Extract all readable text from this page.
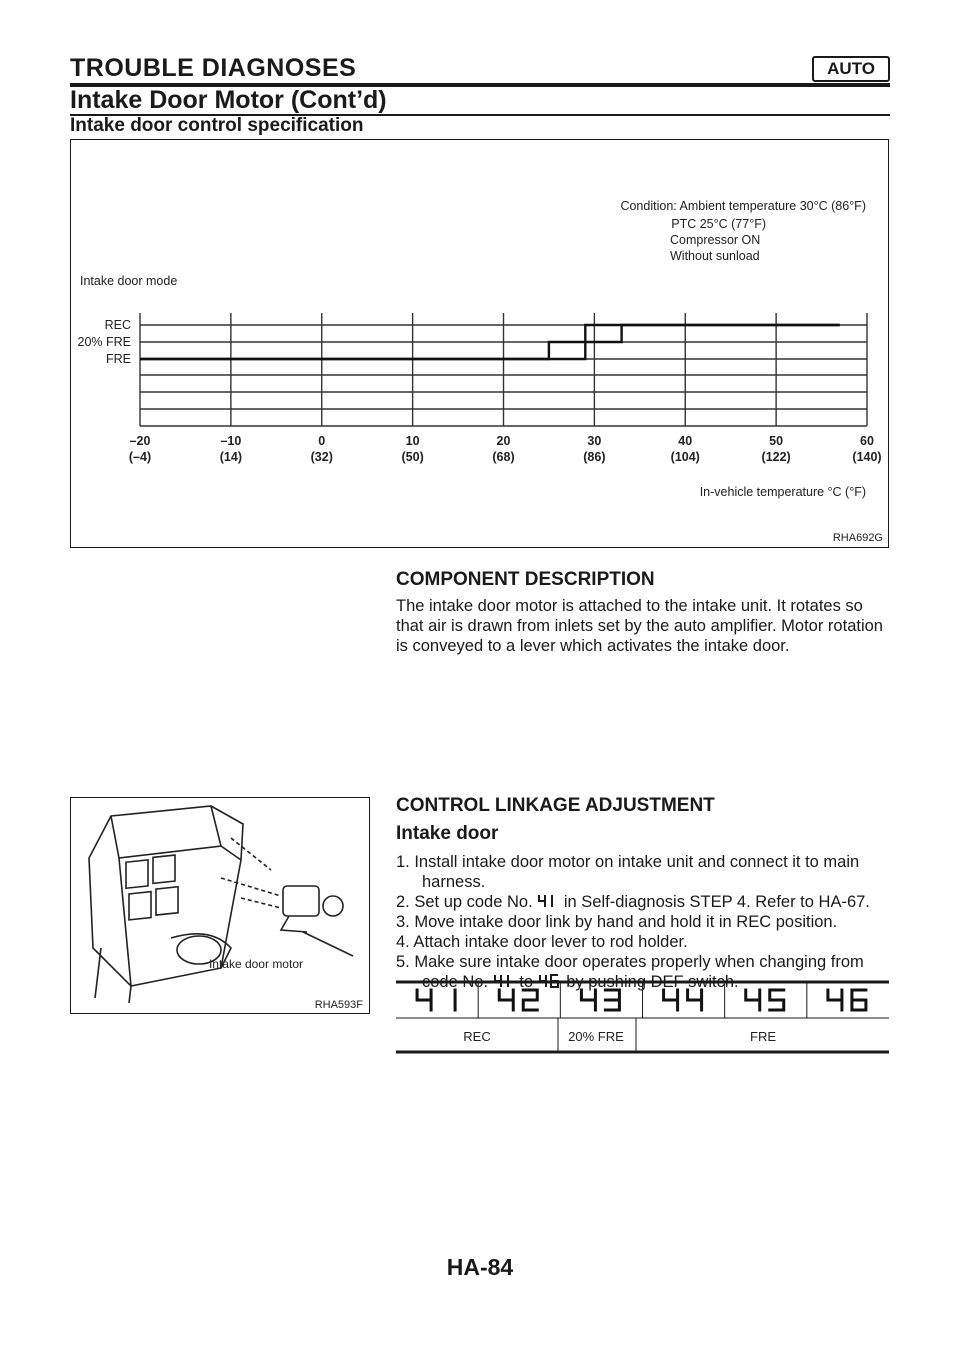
TROUBLE DIAGNOSES	AUTO
Intake Door Motor (Cont’d)
Intake door control specification
Condition: Ambient temperature 30°C (86°F)
PTC 25°C (77°F)
Compressor ON
Without sunload
Intake door mode
In-vehicle temperature °C (°F)
REC
20% FRE
FRE
–20
(–4)
–10
(14)
0
(32)
10
(50)
20
(68)
30
(86)
40
(104)
50
(122)
60
(140)
RHA692G
COMPONENT DESCRIPTION
The intake door motor is attached to the intake unit. It rotates so that air is drawn from inlets set by the auto amplifier. Motor rotation is conveyed to a lever which activates the intake door.
Intake door motor
RHA593F
CONTROL LINKAGE ADJUSTMENT
Intake door
1. Install intake door motor on intake unit and connect it to main harness.
2. Set up code No. in Self-diagnosis STEP 4. Refer to HA-67.
3. Move intake door link by hand and hold it in REC position.
4. Attach intake door lever to rod holder.
5. Make sure intake door operates properly when changing from code No. to by pushing DEF switch.
REC	20% FRE	FRE
HA-84
